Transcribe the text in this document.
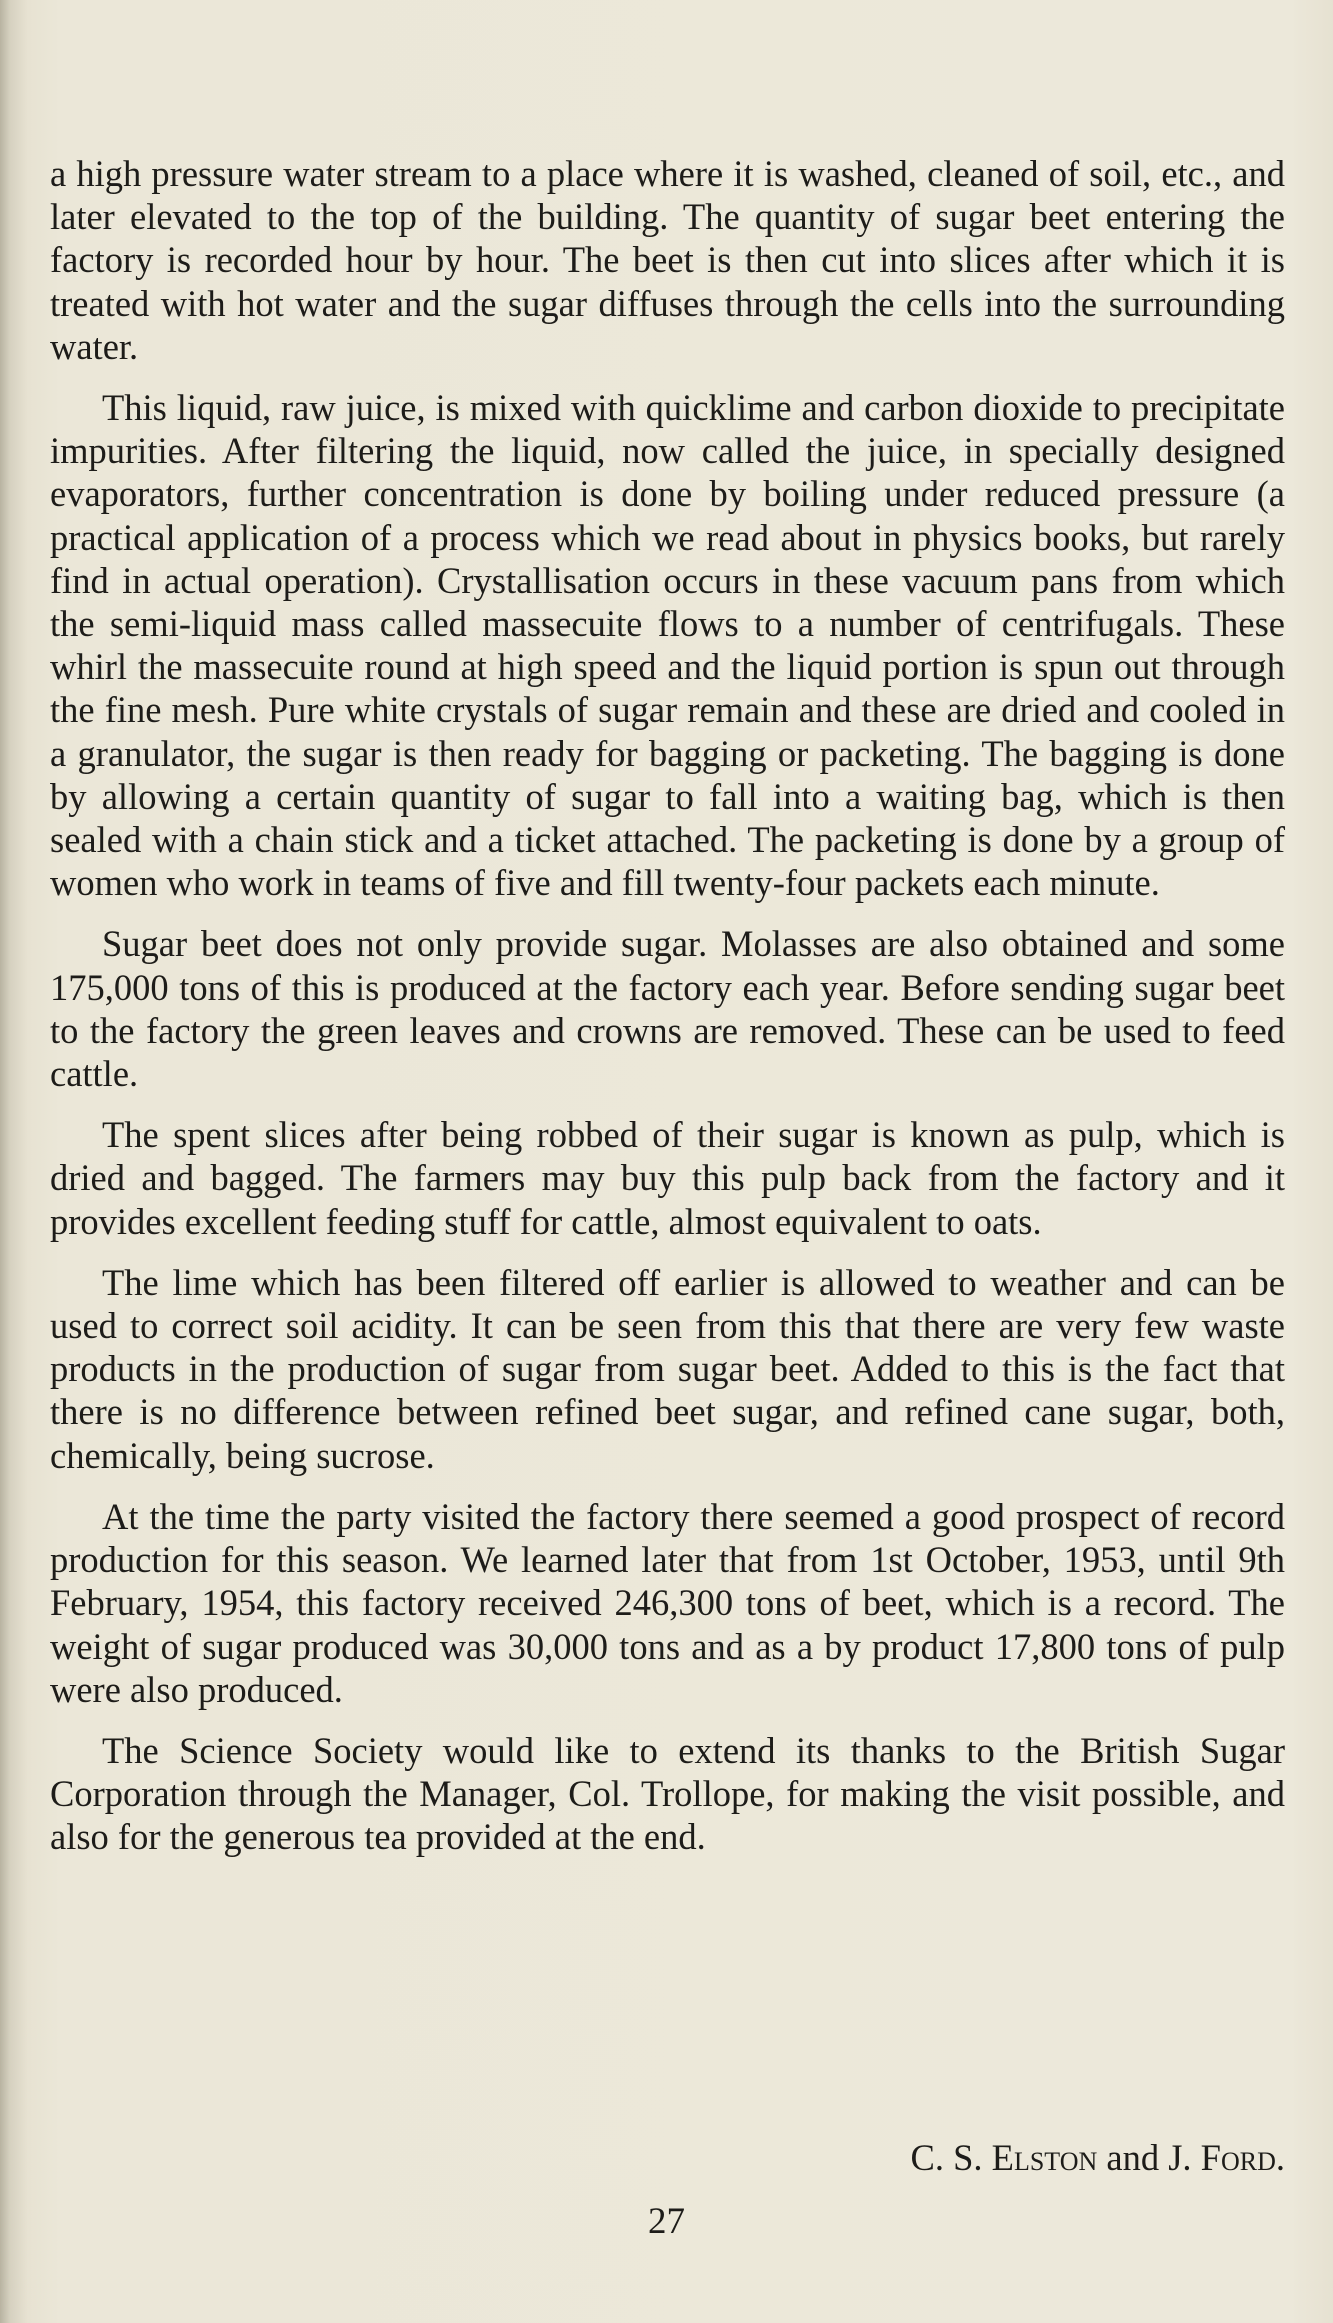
a high pressure water stream to a place where it is washed, cleaned of soil, etc., and later elevated to the top of the building. The quantity of sugar beet entering the factory is recorded hour by hour. The beet is then cut into slices after which it is treated with hot water and the sugar diffuses through the cells into the surrounding water.

This liquid, raw juice, is mixed with quicklime and carbon dioxide to precipitate impurities. After filtering the liquid, now called the juice, in specially designed evaporators, further concentration is done by boiling under reduced pressure (a practical application of a process which we read about in physics books, but rarely find in actual operation). Crystallisation occurs in these vacuum pans from which the semi-liquid mass called massecuite flows to a number of centrifugals. These whirl the massecuite round at high speed and the liquid portion is spun out through the fine mesh. Pure white crystals of sugar remain and these are dried and cooled in a granulator, the sugar is then ready for bagging or packeting. The bagging is done by allowing a certain quantity of sugar to fall into a waiting bag, which is then sealed with a chain stick and a ticket attached. The packeting is done by a group of women who work in teams of five and fill twenty-four packets each minute.

Sugar beet does not only provide sugar. Molasses are also obtained and some 175,000 tons of this is produced at the factory each year. Before sending sugar beet to the factory the green leaves and crowns are removed. These can be used to feed cattle.

The spent slices after being robbed of their sugar is known as pulp, which is dried and bagged. The farmers may buy this pulp back from the factory and it provides excellent feeding stuff for cattle, almost equivalent to oats.

The lime which has been filtered off earlier is allowed to weather and can be used to correct soil acidity. It can be seen from this that there are very few waste products in the production of sugar from sugar beet. Added to this is the fact that there is no difference between refined beet sugar, and refined cane sugar, both, chemically, being sucrose.

At the time the party visited the factory there seemed a good prospect of record production for this season. We learned later that from 1st October, 1953, until 9th February, 1954, this factory received 246,300 tons of beet, which is a record. The weight of sugar produced was 30,000 tons and as a by product 17,800 tons of pulp were also produced.

The Science Society would like to extend its thanks to the British Sugar Corporation through the Manager, Col. Trollope, for making the visit possible, and also for the generous tea provided at the end.

C. S. Elston and J. Ford.
27
